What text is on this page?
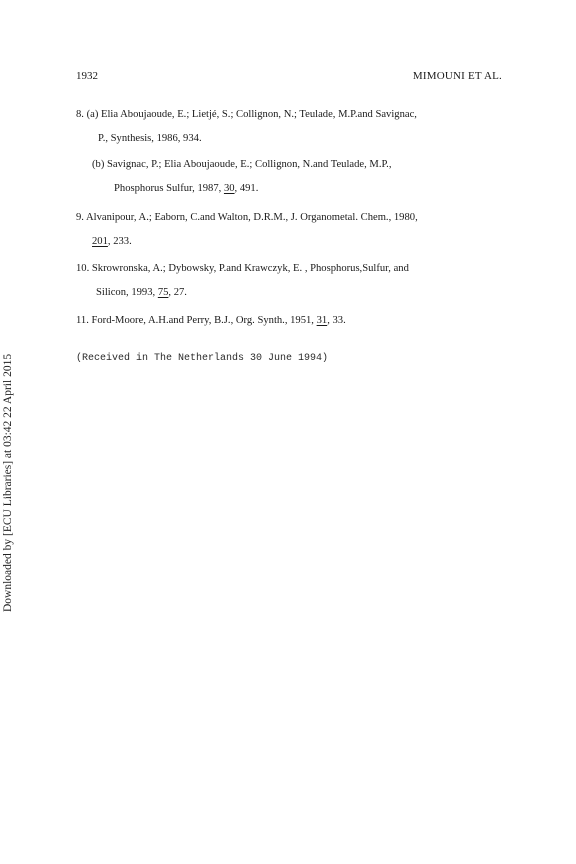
1932	MIMOUNI ET AL.
8. (a) Elia Aboujaoude, E.; Lietjé, S.; Collignon, N.; Teulade, M.P.and Savignac,
P., Synthesis, 1986, 934.
(b) Savignac, P.; Elia Aboujaoude, E.; Collignon, N.and Teulade, M.P.,
Phosphorus Sulfur, 1987, 30, 491.
9. Alvanipour, A.; Eaborn, C.and Walton, D.R.M., J. Organometal. Chem., 1980,
201, 233.
10. Skrowronska, A.; Dybowsky, P.and Krawczyk, E. , Phosphorus,Sulfur, and
Silicon, 1993, 75, 27.
11. Ford-Moore, A.H.and Perry, B.J., Org. Synth., 1951, 31, 33.
(Received in The Netherlands 30 June 1994)
Downloaded by [ECU Libraries] at 03:42 22 April 2015
